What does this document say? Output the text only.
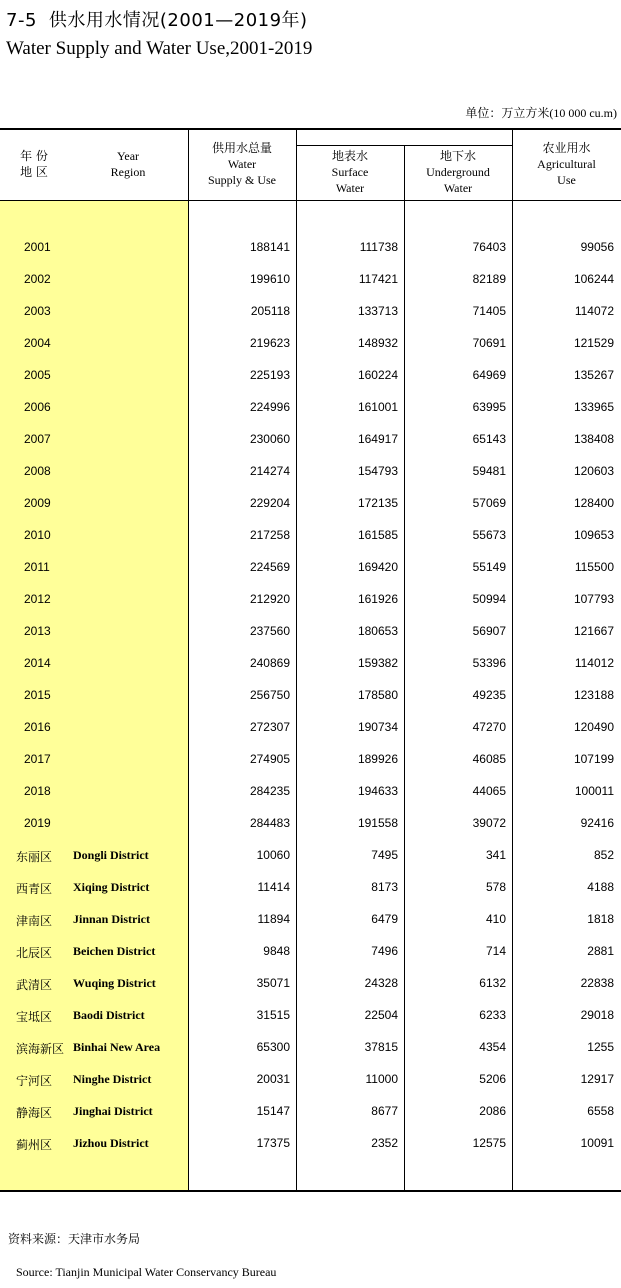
7-5 供水用水情况(2001—2019年)
Water Supply and Water Use,2001-2019
单位：万立方米(10 000 cu.m)
年 份
地 区
Year
Region
供用水总量
Water
Supply & Use
地表水
Surface
Water
地下水
Underground
Water
农业用水
Agricultural
Use
2001	188141	111738	76403	99056
2002	199610	117421	82189	106244
2003	205118	133713	71405	114072
2004	219623	148932	70691	121529
2005	225193	160224	64969	135267
2006	224996	161001	63995	133965
2007	230060	164917	65143	138408
2008	214274	154793	59481	120603
2009	229204	172135	57069	128400
2010	217258	161585	55673	109653
2011	224569	169420	55149	115500
2012	212920	161926	50994	107793
2013	237560	180653	56907	121667
2014	240869	159382	53396	114012
2015	256750	178580	49235	123188
2016	272307	190734	47270	120490
2017	274905	189926	46085	107199
2018	284235	194633	44065	100011
2019	284483	191558	39072	92416
东丽区 Dongli District	10060	7495	341	852
西青区 Xiqing District	11414	8173	578	4188
津南区 Jinnan District	11894	6479	410	1818
北辰区 Beichen District	9848	7496	714	2881
武清区 Wuqing District	35071	24328	6132	22838
宝坻区 Baodi District	31515	22504	6233	29018
滨海新区 Binhai New Area	65300	37815	4354	1255
宁河区 Ninghe District	20031	11000	5206	12917
静海区 Jinghai District	15147	8677	2086	6558
蓟州区 Jizhou District	17375	2352	12575	10091
资料来源：天津市水务局
Source: Tianjin Municipal Water Conservancy Bureau
